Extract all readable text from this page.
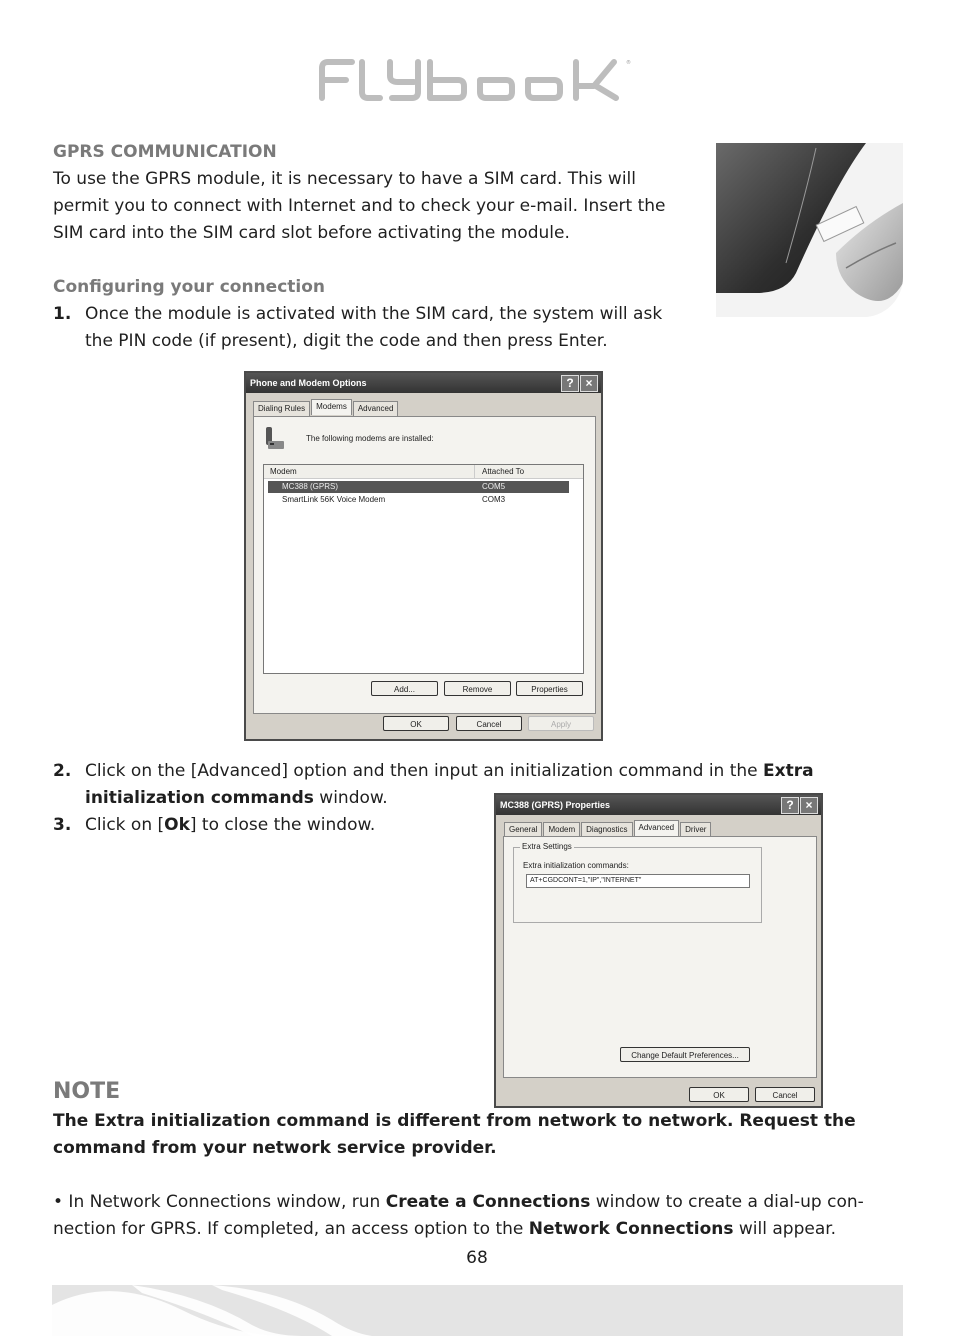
®
GPRS COMMUNICATION
To use the GPRS module, it is necessary to have a SIM card. This will
permit you to connect with Internet and to check your e-mail. Insert the
SIM card into the SIM card slot before activating the module.
Configuring your connection
1. Once the module is activated with the SIM card, the system will ask
the PIN code (if present), digit the code and then press Enter.
Phone and Modem Options	? ×
Dialing Rules	Modems	Advanced
The following modems are installed:
Modem	Attached To
MC388 (GPRS)	COM5
SmartLink 56K Voice Modem	COM3
Add...	Remove	Properties
OK	Cancel	Apply
2. Click on the [Advanced] option and then input an initialization command in the Extra
initialization commands window.
3. Click on [Ok] to close the window.
MC388 (GPRS) Properties	? ×
General	Modem	Diagnostics	Advanced	Driver
Extra Settings
Extra initialization commands:
AT+CGDCONT=1,"IP","INTERNET"
Change Default Preferences...
OK	Cancel
NOTE
The Extra initialization command is different from network to network. Request the
command from your network service provider.
• In Network Connections window, run Create a Connections window to create a dial-up con-
nection for GPRS. If completed, an access option to the Network Connections will appear.
68
